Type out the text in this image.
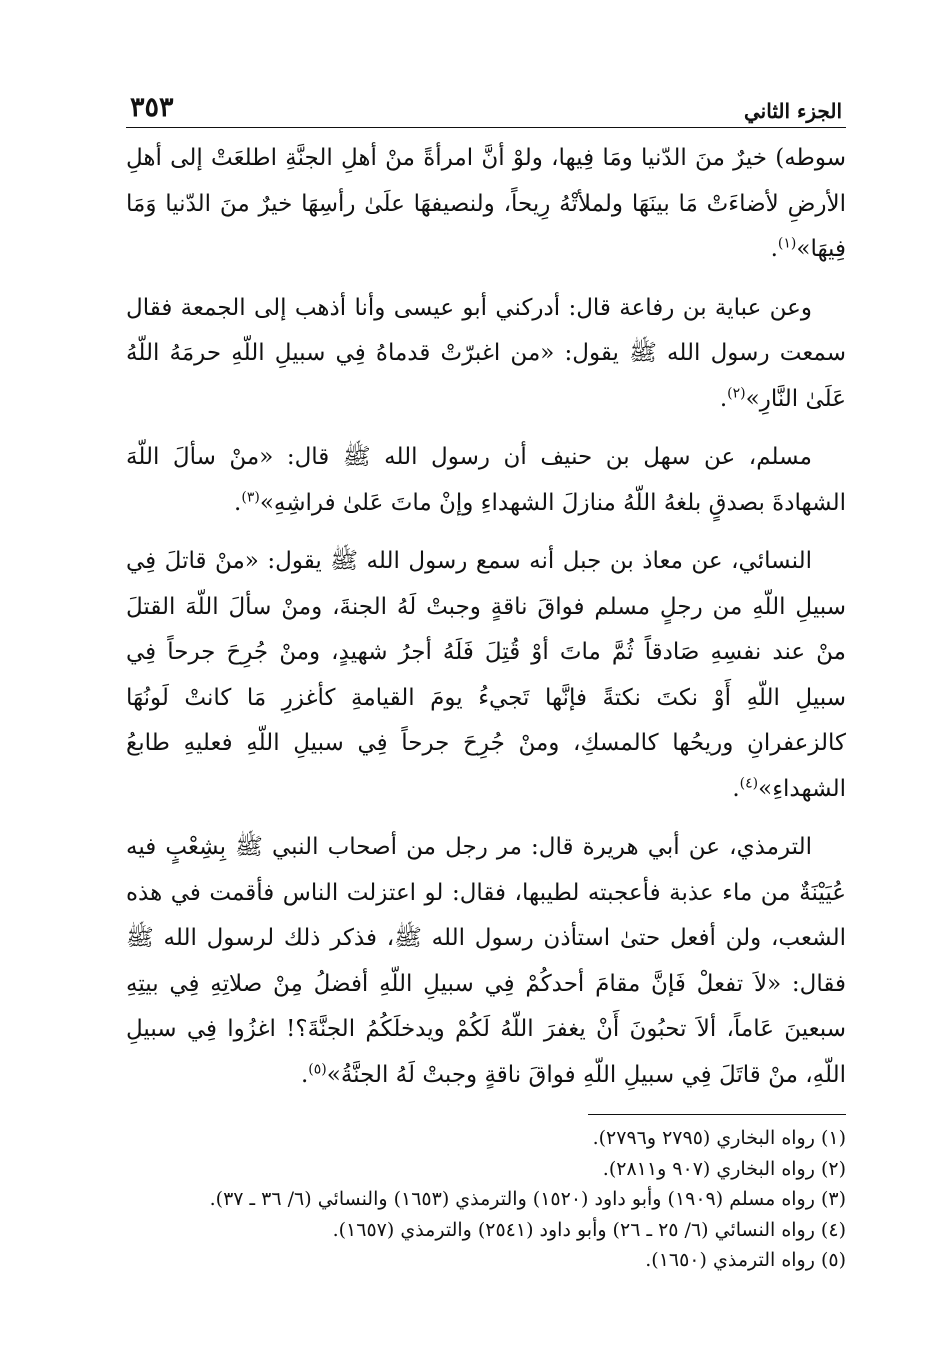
الجزء الثاني
٣٥٣

سوطه) خيرٌ منَ الدّنيا ومَا فِيها، ولوْ أنَّ امرأةً منْ أهلِ الجنَّةِ اطلعَتْ إلى أهلِ الأرضِ لأضاءَتْ مَا بينَهَا ولملأتْهُ رِيحاً، ولنصيفهَا علَىٰ رأسِهَا خيرٌ منَ الدّنيا وَمَا فِيهَا»$^{(١)}$.

وعن عباية بن رفاعة قال: أدركني أبو عيسى وأنا أذهب إلى الجمعة فقال سمعت رسول الله ﷺ يقول: «من اغبرّتْ قدماهُ فِي سبيلِ اللّهِ حرمَهُ اللّهُ عَلَىٰ النَّارِ»$^{(٢)}$.

مسلم، عن سهل بن حنيف أن رسول الله ﷺ قال: «منْ سألَ اللّهَ الشهادةَ بصدقٍ بلغهُ اللّهُ منازلَ الشهداءِ وإنْ ماتَ عَلىٰ فراشِهِ»$^{(٣)}$.

النسائي، عن معاذ بن جبل أنه سمع رسول الله ﷺ يقول: «منْ قاتلَ فِي سبيلِ اللّهِ من رجلٍ مسلم فواقَ ناقةٍ وجبتْ لَهُ الجنةَ، ومنْ سألَ اللّهَ القتلَ منْ عند نفسِهِ صَادقاً ثُمَّ ماتَ أوْ قُتِلَ فَلَهُ أجرُ شهيدٍ، ومنْ جُرِحَ جرحاً فِي سبيلِ اللّهِ أَوْ نكتَ نكتةً فإنَّها تَجيءُ يومَ القيامةِ كأغزرِ مَا كانتْ لَونُهَا كالزعفرانِ وريحُها كالمسكِ، ومنْ جُرِحَ جرحاً فِي سبيلِ اللّهِ فعليهِ طابعُ الشهداءِ»$^{(٤)}$.

الترمذي، عن أبي هريرة قال: مر رجل من أصحاب النبي ﷺ بِشِعْبٍ فيه عُيَيْنَةٌ من ماء عذبة فأعجبته لطيبها، فقال: لو اعتزلت الناس فأقمت في هذه الشعب، ولن أفعل حتىٰ استأذن رسول الله ﷺ، فذكر ذلك لرسول الله ﷺ فقال: «لاَ تفعلْ فَإنَّ مقامَ أحدكُمْ فِي سبيلِ اللّهِ أفضلُ مِنْ صلاتِهِ فِي بيتِهِ سبعينَ عَاماً، ألاَ تحبُونَ أَنْ يغفرَ اللّهُ لَكُمْ ويدخلَكُمُ الجنَّةَ؟! اغزُوا فِي سبيلِ اللّهِ، منْ قاتَلَ فِي سبيلِ اللّهِ فواقَ ناقةٍ وجبتْ لَهُ الجنَّةُ»$^{(٥)}$.

(١) رواه البخاري (٢٧٩٥ و٢٧٩٦).

(٢) رواه البخاري (٩٠٧ و٢٨١١).

(٣) رواه مسلم (١٩٠٩) وأبو داود (١٥٢٠) والترمذي (١٦٥٣) والنسائي (٦/ ٣٦ ـ ٣٧).

(٤) رواه النسائي (٦/ ٢٥ ـ ٢٦) وأبو داود (٢٥٤١) والترمذي (١٦٥٧).

(٥) رواه الترمذي (١٦٥٠).
